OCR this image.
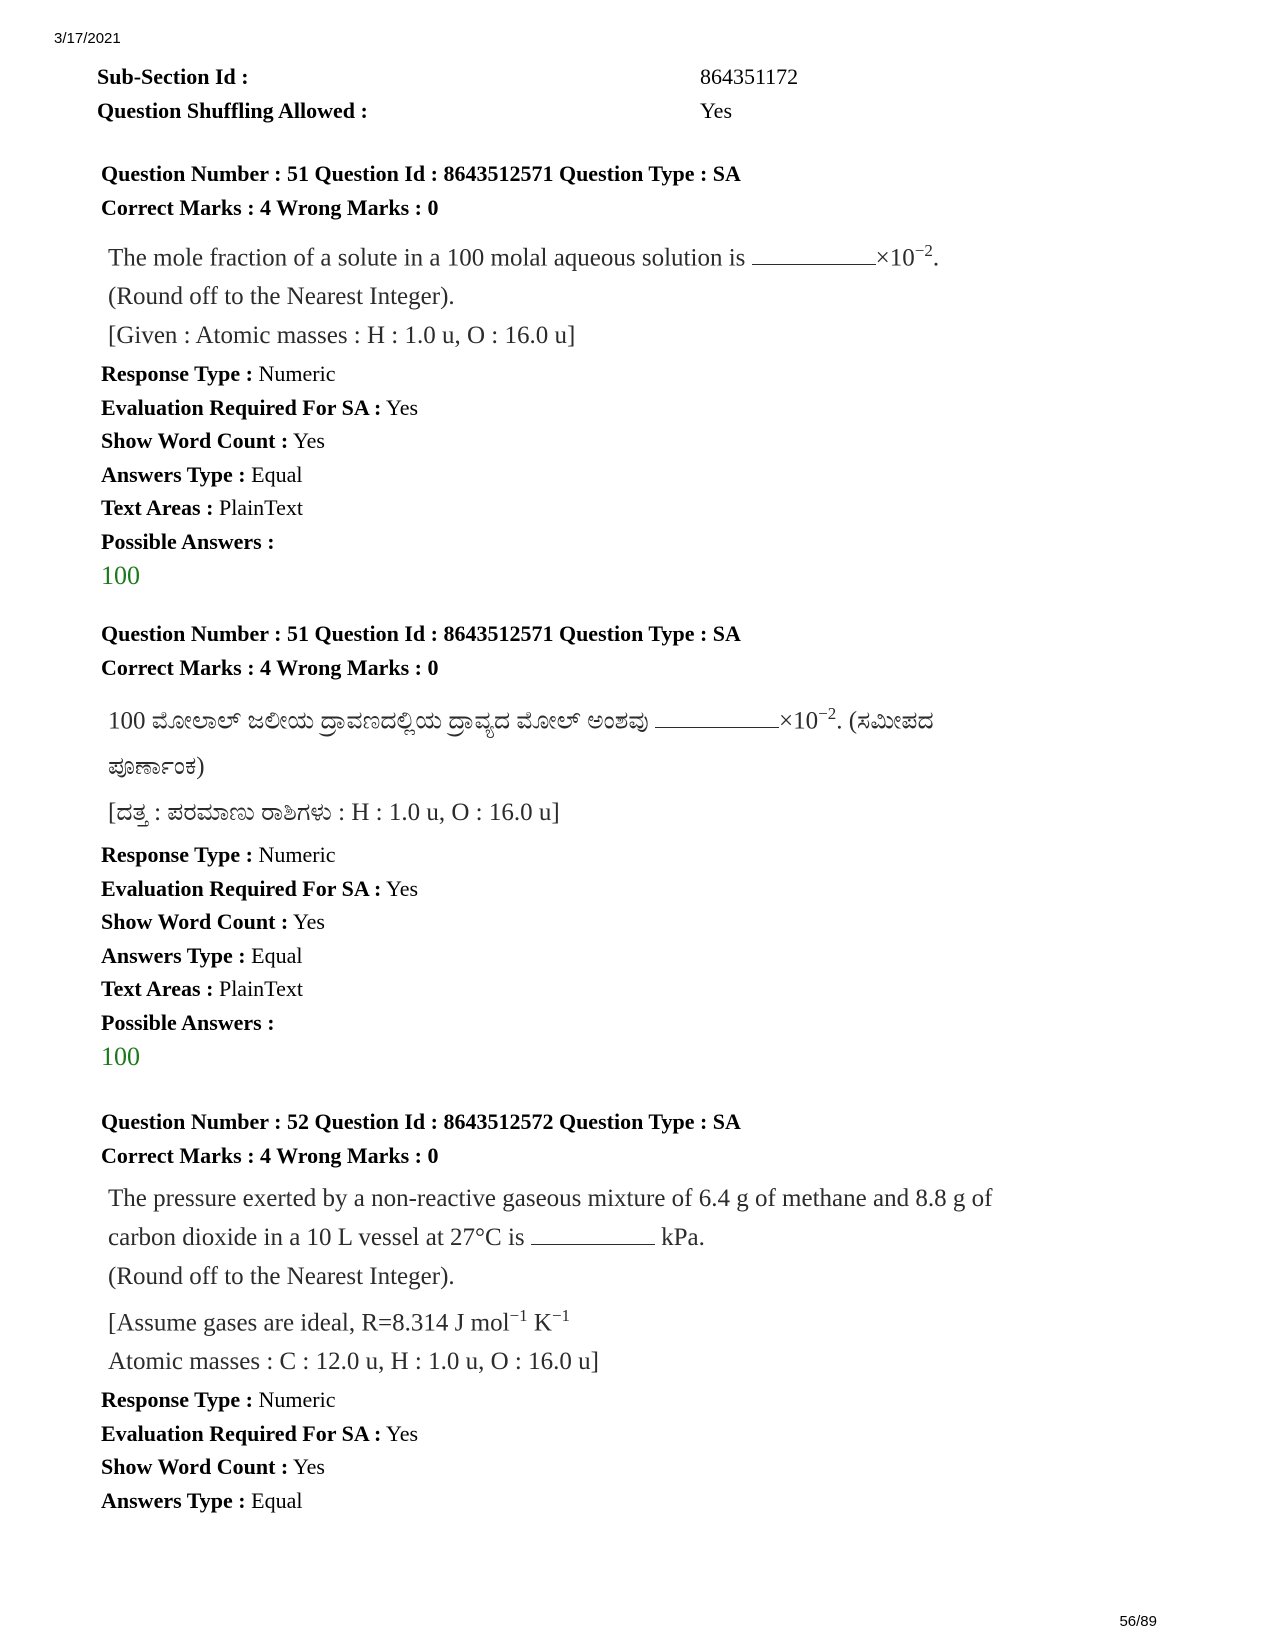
3/17/2021
Sub-Section Id :	864351172
Question Shuffling Allowed :	Yes
Question Number : 51 Question Id : 8643512571 Question Type : SA
Correct Marks : 4 Wrong Marks : 0
The mole fraction of a solute in a 100 molal aqueous solution is	$\times 10^{-2}$.
(Round off to the Nearest Integer).
[Given : Atomic masses : H : 1.0 u, O : 16.0 u]
Response Type : Numeric
Evaluation Required For SA : Yes
Show Word Count : Yes
Answers Type : Equal
Text Areas : PlainText
Possible Answers :
100
Question Number : 51 Question Id : 8643512571 Question Type : SA
Correct Marks : 4 Wrong Marks : 0
100 ಮೋಲಾಲ್ ಜಲೀಯ ದ್ರಾವಣದಲ್ಲಿಯ ದ್ರಾವ್ಯದ ಮೋಲ್ ಅಂಶವು	$\times 10^{-2}$. (ಸಮೀಪದ
ಪೂರ್ಣಾಂಕ)
[ದತ್ತ : ಪರಮಾಣು ರಾಶಿಗಳು : H : 1.0 u, O : 16.0 u]
Response Type : Numeric
Evaluation Required For SA : Yes
Show Word Count : Yes
Answers Type : Equal
Text Areas : PlainText
Possible Answers :
100
Question Number : 52 Question Id : 8643512572 Question Type : SA
Correct Marks : 4 Wrong Marks : 0
The pressure exerted by a non-reactive gaseous mixture of 6.4 g of methane and 8.8 g of
carbon dioxide in a 10 L vessel at 27°C is	kPa.
(Round off to the Nearest Integer).
[Assume gases are ideal, R=8.314 J mol$^{-1}$ $K^{-1}$
Atomic masses : C : 12.0 u, H : 1.0 u, O : 16.0 u]
Response Type : Numeric
Evaluation Required For SA : Yes
Show Word Count : Yes
Answers Type : Equal
56/89
